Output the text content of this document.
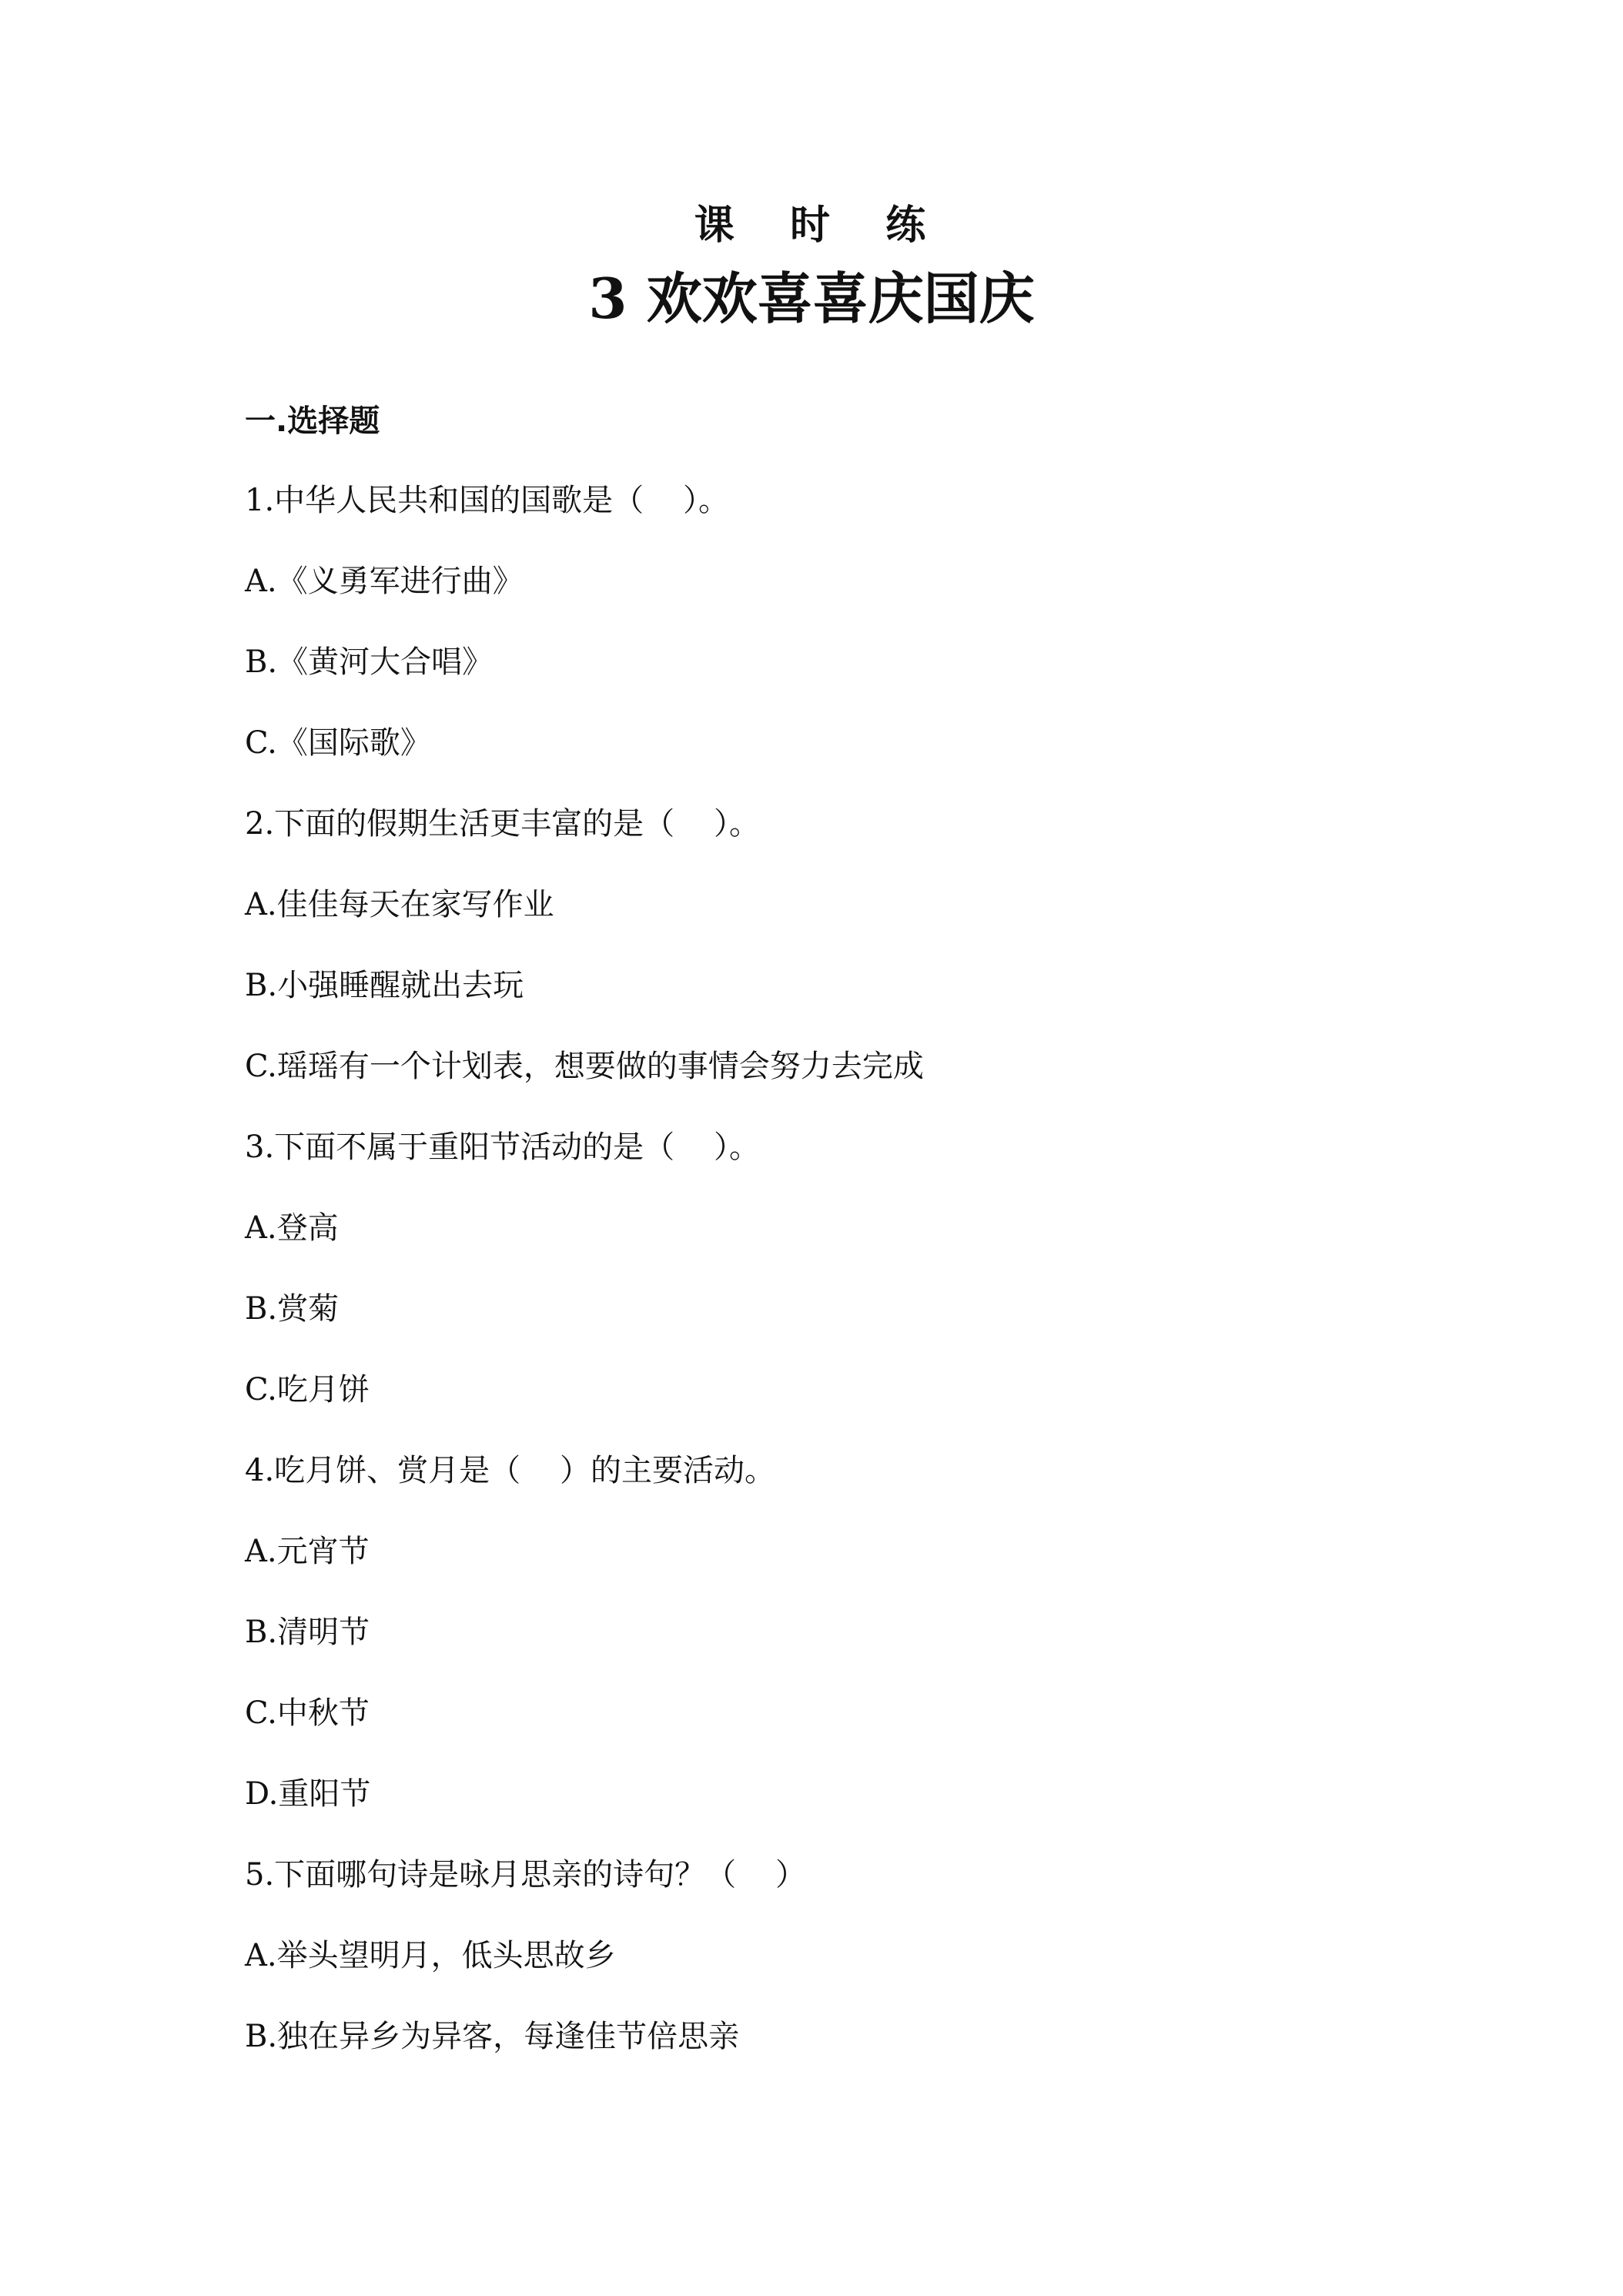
课  时  练
3 欢欢喜喜庆国庆
一.选择题
1.中华人民共和国的国歌是（    ）。
A.《义勇军进行曲》
B.《黄河大合唱》
C.《国际歌》
2.下面的假期生活更丰富的是（    ）。
A.佳佳每天在家写作业
B.小强睡醒就出去玩
C.瑶瑶有一个计划表，想要做的事情会努力去完成
3.下面不属于重阳节活动的是（    ）。
A.登高
B.赏菊
C.吃月饼
4.吃月饼、赏月是（    ）的主要活动。
A.元宵节
B.清明节
C.中秋节
D.重阳节
5.下面哪句诗是咏月思亲的诗句？（    ）
A.举头望明月，低头思故乡
B.独在异乡为异客，每逢佳节倍思亲
